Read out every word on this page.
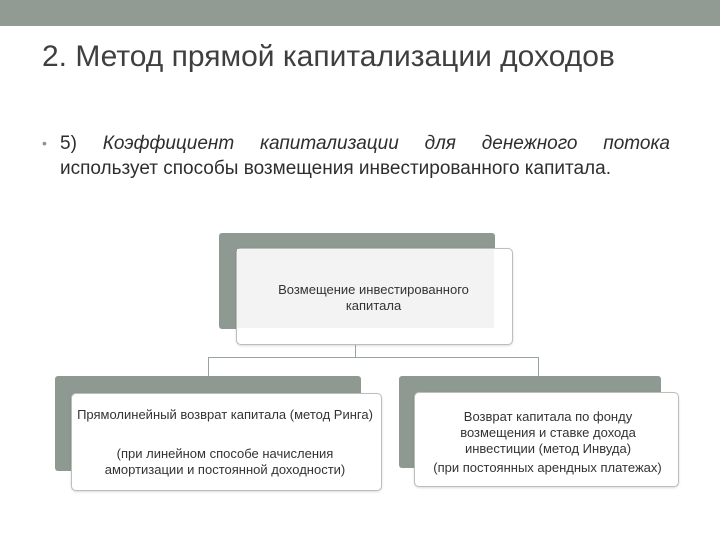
2. Метод прямой капитализации доходов
• 5) Коэффициент капитализации для денежного потока использует способы возмещения инвестированного капитала.
Возмещение инвестированного капитала
Прямолинейный возврат капитала (метод Ринга)
(при линейном способе начисления амортизации и постоянной доходности)
Возврат капитала по фонду возмещения и ставке дохода инвестиции (метод Инвуда)
(при постоянных арендных платежах)
